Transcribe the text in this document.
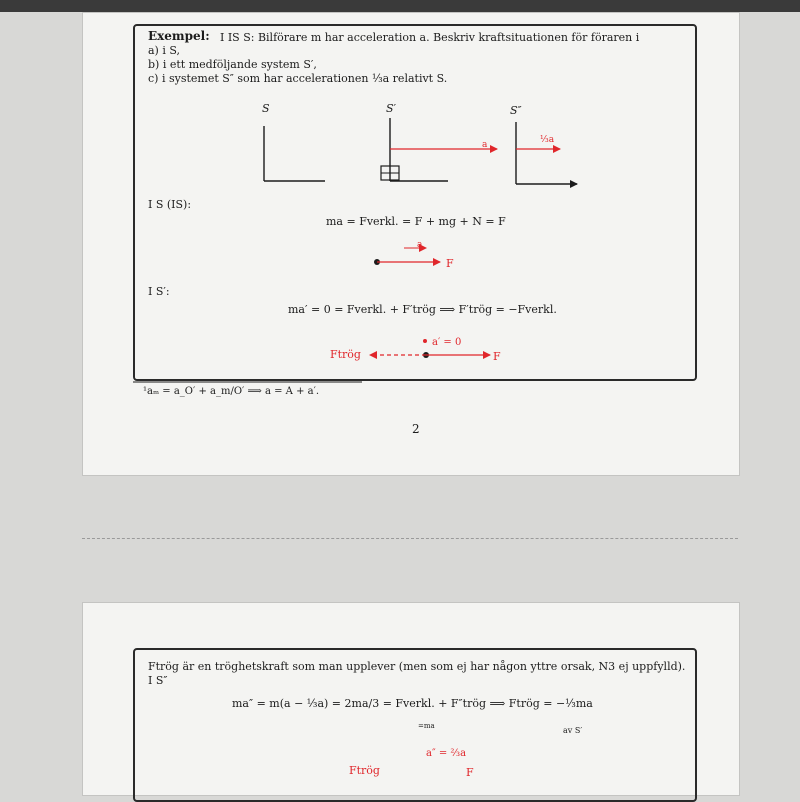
Exempel: I IS S: Bilförare m har acceleration a. Beskriv kraftsituationen för föraren i
a) i S,
b) i ett medföljande system S′,
c) i systemet S″ som har accelerationen ⅓a relativt S.
S	S′	S″
a	⅓a
I S (IS):
ma = Fverkl. = F + mg + N = F
a
F
I S′:
ma′ = 0 = Fverkl. + F′trög ⟹ F′trög = −Fverkl.
a′ = 0
Ftrög	F
¹aₘ = a_O′ + a_m/O′ ⟹ a = A + a′.
2
Ftrög är en tröghetskraft som man upplever (men som ej har någon yttre orsak, N3 ej uppfylld).
I S″
ma″ = m(a − ⅓a) = 2ma/3 = Fverkl. + F″trög ⟹ Ftrög = −⅓ma
=ma	av S′
a″ = ⅔a
Ftrög	F
